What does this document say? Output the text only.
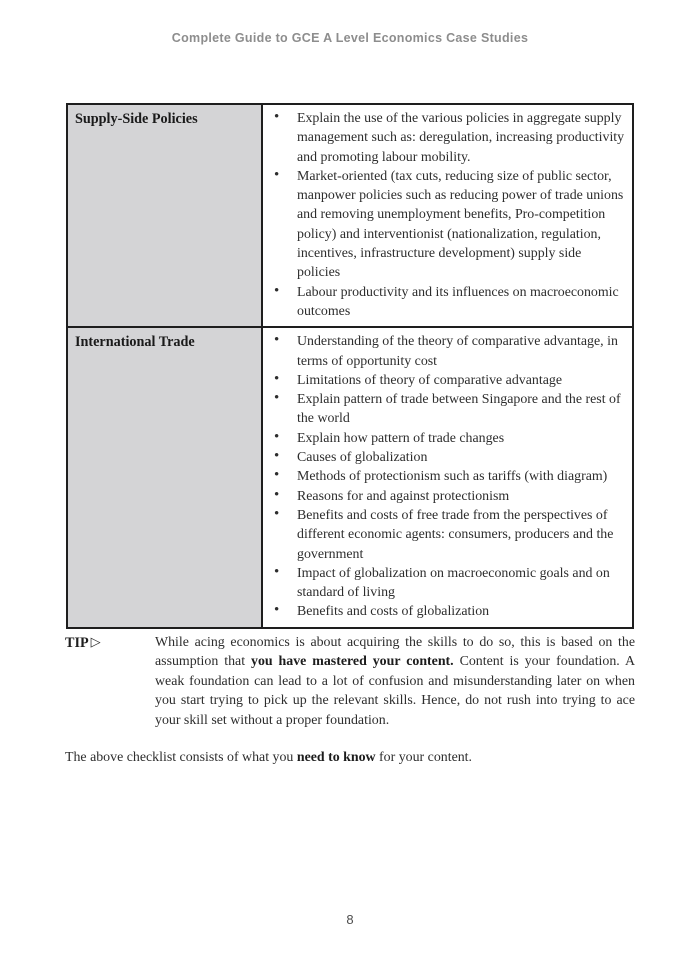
Complete Guide to GCE A Level Economics Case Studies
Supply-Side Policies	
•Explain the use of the various policies in aggregate supply management such as: deregulation, increasing productivity and promoting labour mobility.
• Market-oriented (tax cuts, reducing size of public sector, manpower policies such as reducing power of trade unions and removing unemployment benefits, Pro-competition policy) and interventionist (nationalization, regulation, incentives, infrastructure development) supply side policies
• Labour productivity and its influences on macroeconomic outcomes

International Trade	
•Understanding of the theory of comparative advantage, in terms of opportunity cost
• Limitations of theory of comparative advantage
• Explain pattern of trade between Singapore and the rest of the world
• Explain how pattern of trade changes
• Causes of globalization
• Methods of protectionism such as tariffs (with diagram)
• Reasons for and against protectionism
• Benefits and costs of free trade from the perspectives of different economic agents: consumers, producers and the government
• Impact of globalization on macroeconomic goals and on standard of living
• Benefits and costs of globalization
TIP ▷	While acing economics is about acquiring the skills to do so, this is based on the assumption that you have mastered your content. Content is your foundation. A weak foundation can lead to a lot of confusion and misunderstanding later on when you start trying to pick up the relevant skills. Hence, do not rush into trying to ace your skill set without a proper foundation.
The above checklist consists of what you need to know for your content.
8
